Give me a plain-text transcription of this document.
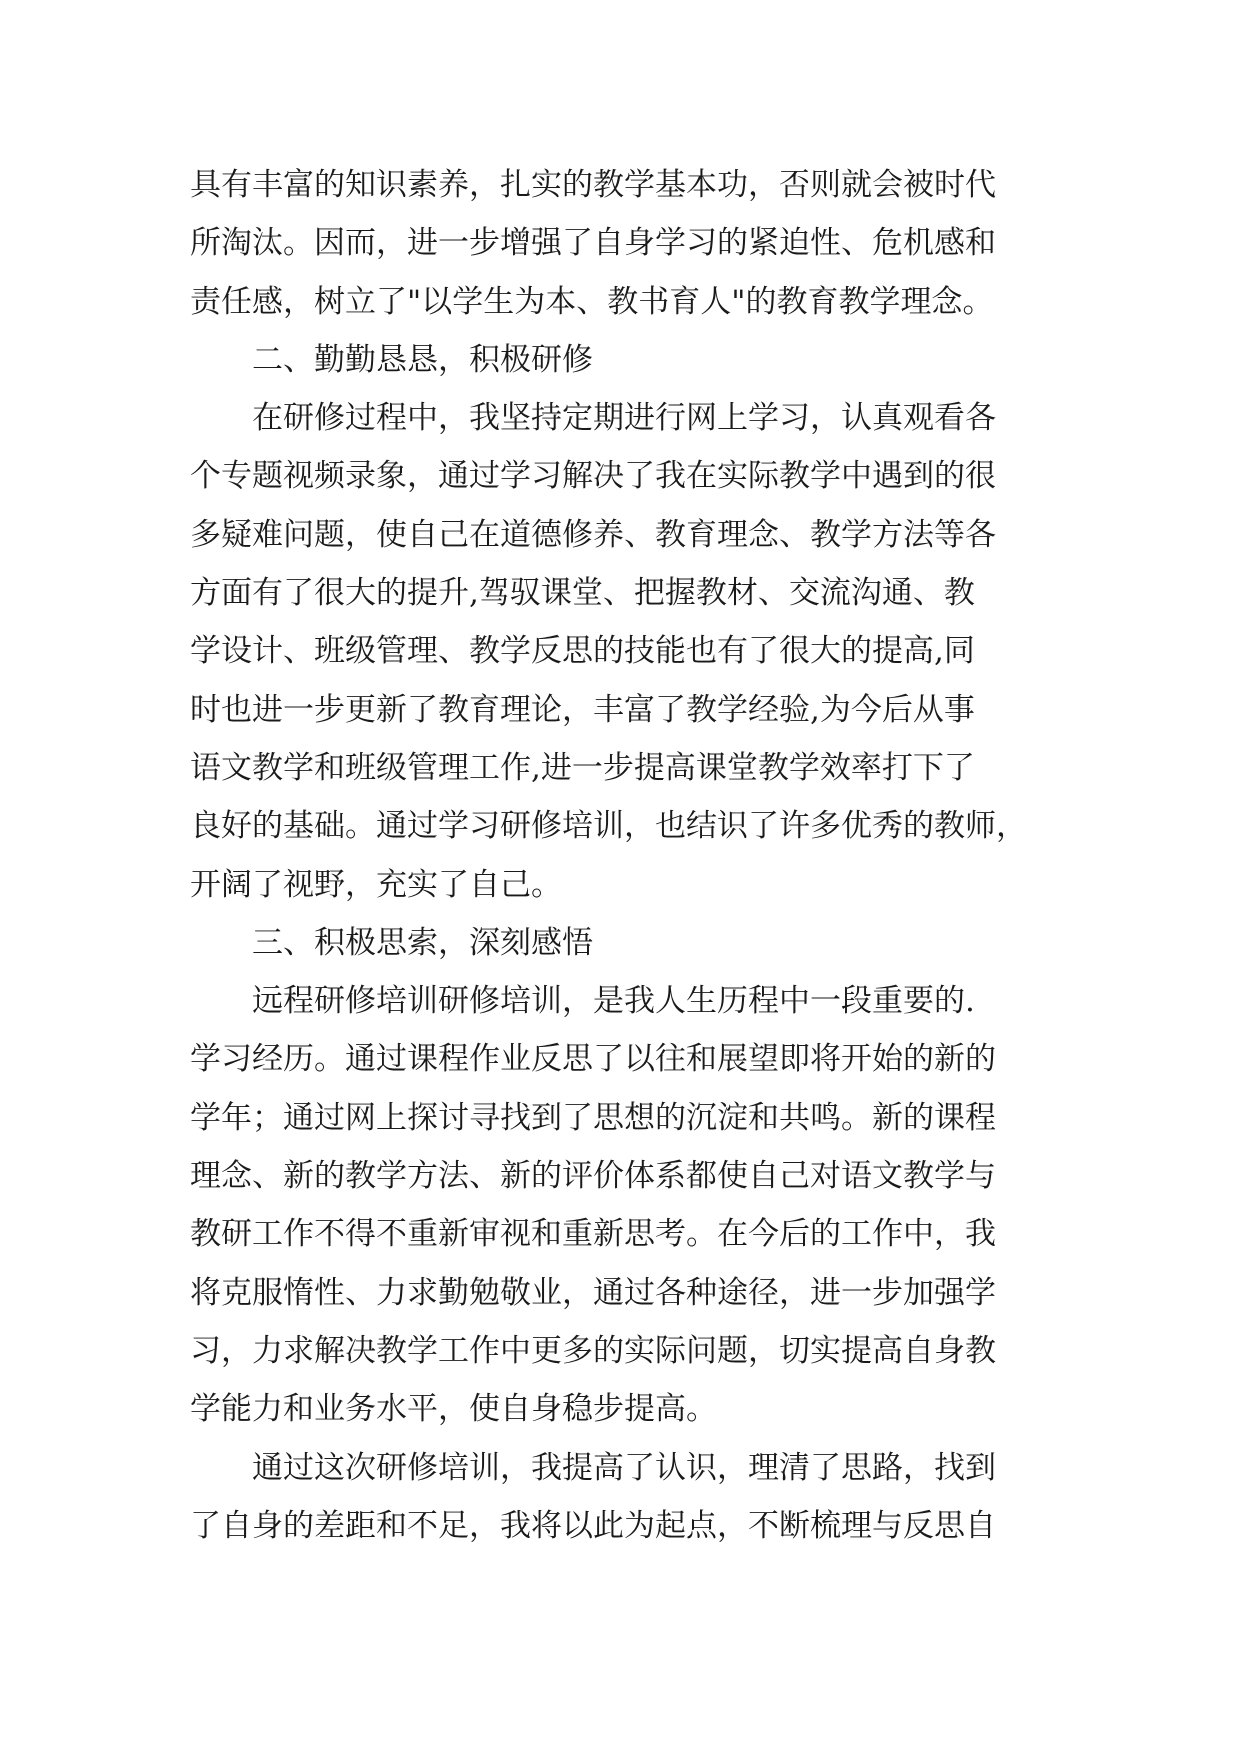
具有丰富的知识素养，扎实的教学基本功，否则就会被时代
所淘汰。因而，进一步增强了自身学习的紧迫性、危机感和
责任感，树立了"以学生为本、教书育人"的教育教学理念。
二、勤勤恳恳，积极研修
在研修过程中，我坚持定期进行网上学习，认真观看各
个专题视频录象，通过学习解决了我在实际教学中遇到的很
多疑难问题，使自己在道德修养、教育理念、教学方法等各
方面有了很大的提升,驾驭课堂、把握教材、交流沟通、教
学设计、班级管理、教学反思的技能也有了很大的提高,同
时也进一步更新了教育理论，丰富了教学经验,为今后从事
语文教学和班级管理工作,进一步提高课堂教学效率打下了
良好的基础。通过学习研修培训，也结识了许多优秀的教师，
开阔了视野，充实了自己。
三、积极思索，深刻感悟
远程研修培训研修培训，是我人生历程中一段重要的.
学习经历。通过课程作业反思了以往和展望即将开始的新的
学年；通过网上探讨寻找到了思想的沉淀和共鸣。新的课程
理念、新的教学方法、新的评价体系都使自己对语文教学与
教研工作不得不重新审视和重新思考。在今后的工作中，我
将克服惰性、力求勤勉敬业，通过各种途径，进一步加强学
习，力求解决教学工作中更多的实际问题，切实提高自身教
学能力和业务水平，使自身稳步提高。
通过这次研修培训，我提高了认识，理清了思路，找到
了自身的差距和不足，我将以此为起点，不断梳理与反思自
